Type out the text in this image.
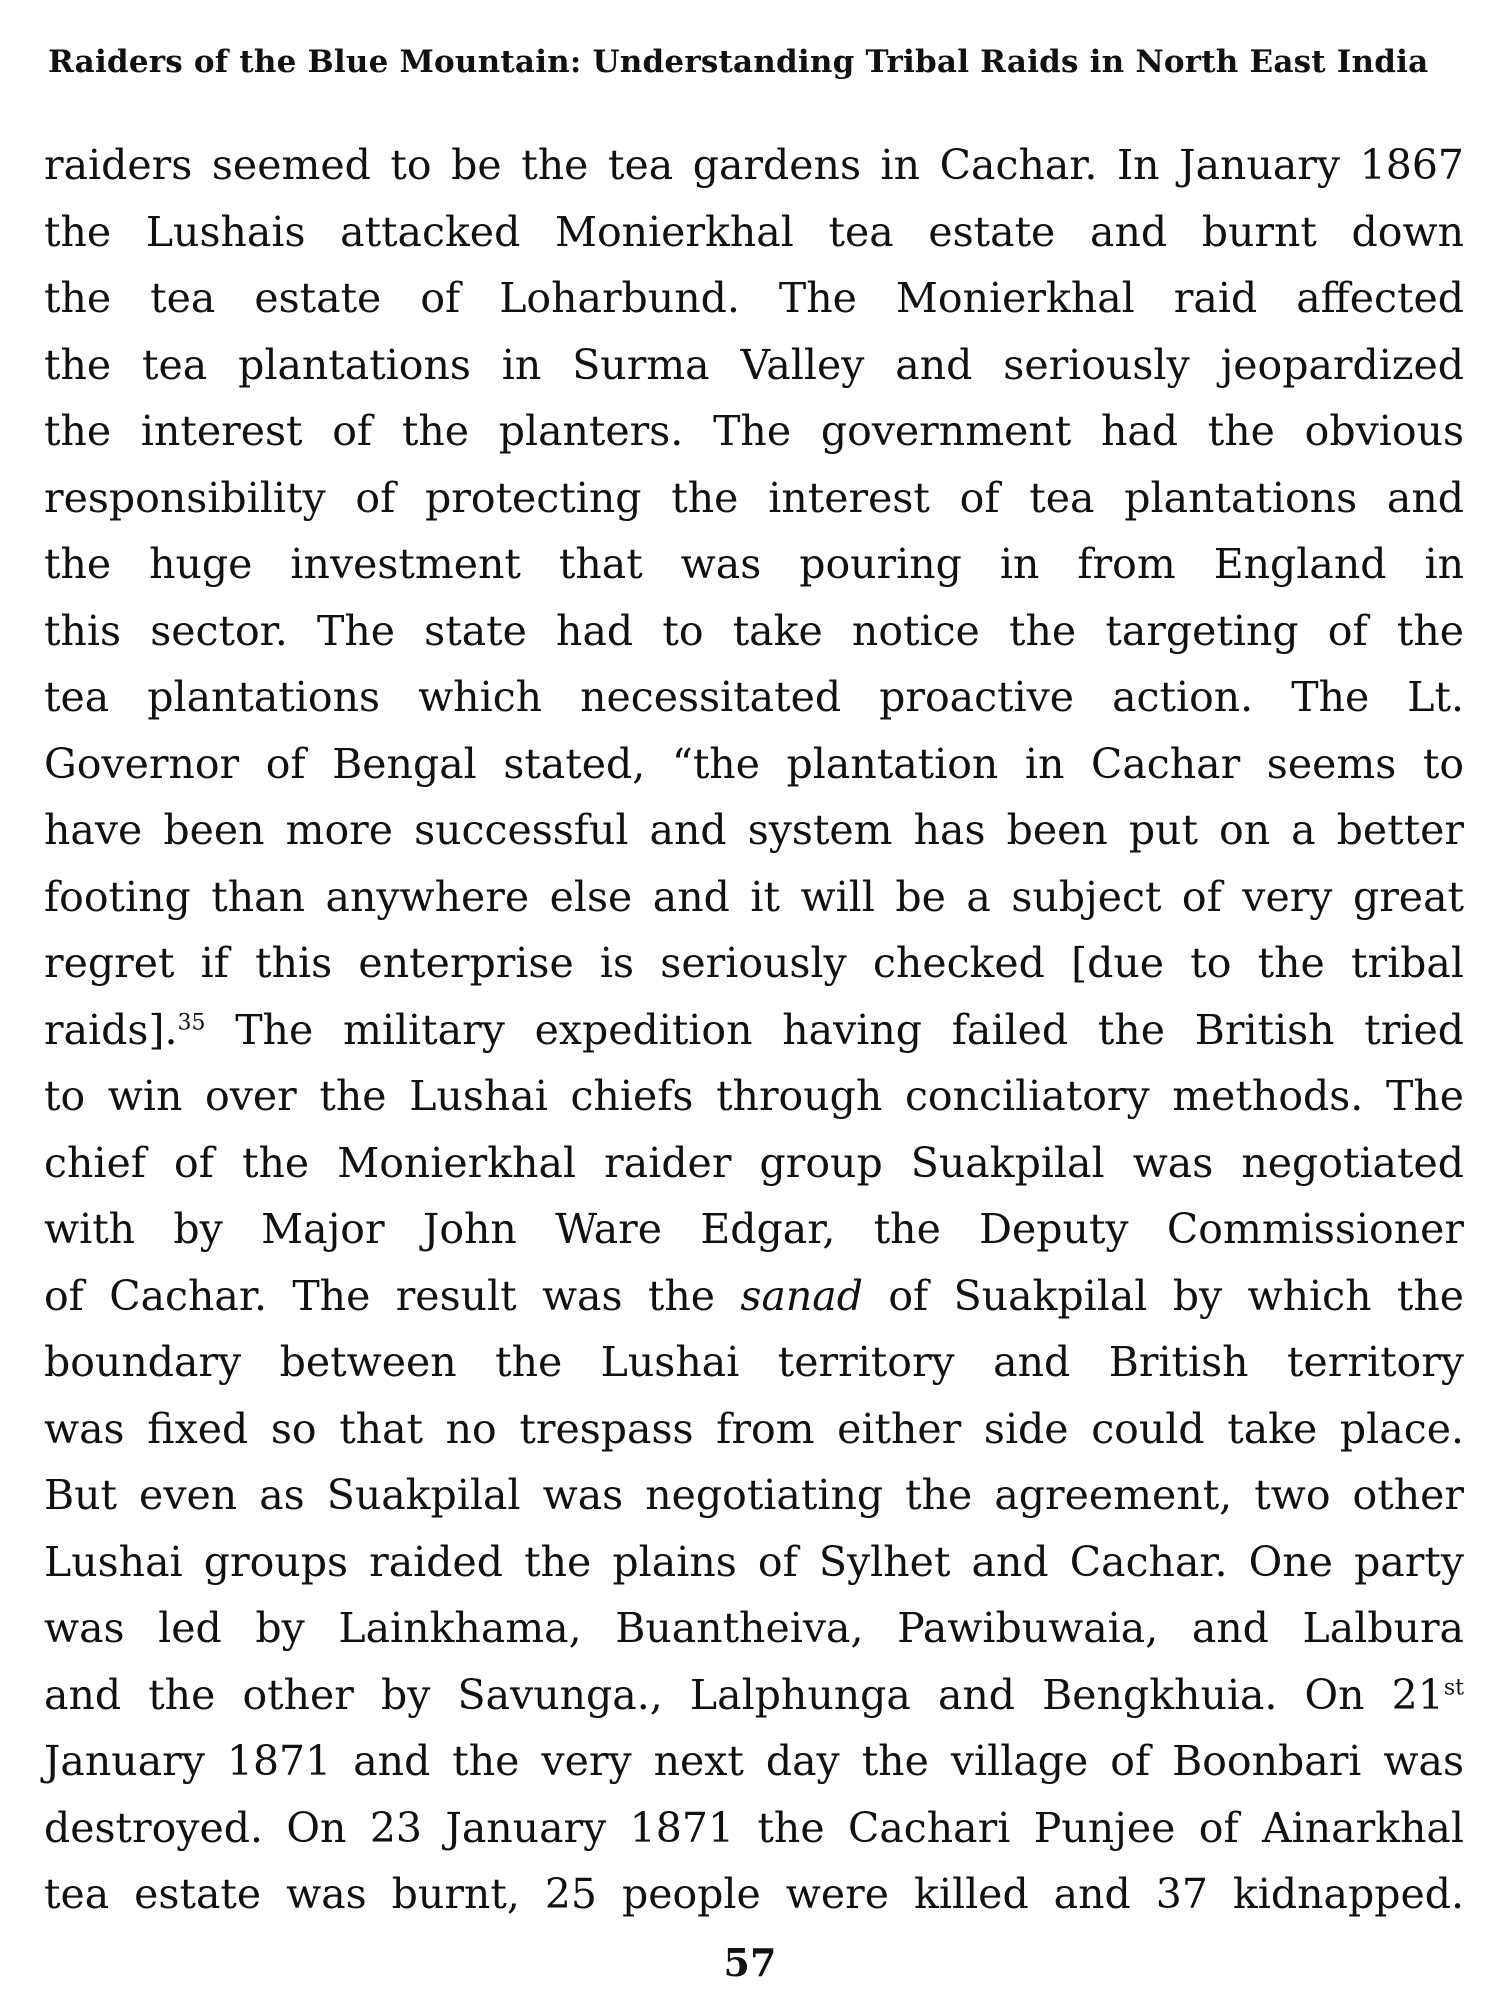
Raiders of the Blue Mountain: Understanding Tribal Raids in North East India
raiders seemed to be the tea gardens in Cachar. In January 1867
the Lushais attacked Monierkhal tea estate and burnt down
the tea estate of Loharbund. The Monierkhal raid affected
the tea plantations in Surma Valley and seriously jeopardized
the interest of the planters. The government had the obvious
responsibility of protecting the interest of tea plantations and
the huge investment that was pouring in from England in
this sector. The state had to take notice the targeting of the
tea plantations which necessitated proactive action. The Lt.
Governor of Bengal stated, “the plantation in Cachar seems to
have been more successful and system has been put on a better
footing than anywhere else and it will be a subject of very great
regret if this enterprise is seriously checked [due to the tribal
raids].$^{35}$ The military expedition having failed the British tried
to win over the Lushai chiefs through conciliatory methods. The
chief of the Monierkhal raider group Suakpilal was negotiated
with by Major John Ware Edgar, the Deputy Commissioner
of Cachar. The result was the sanad of Suakpilal by which the
boundary between the Lushai territory and British territory
was fixed so that no trespass from either side could take place.
But even as Suakpilal was negotiating the agreement, two other
Lushai groups raided the plains of Sylhet and Cachar. One party
was led by Lainkhama, Buantheiva, Pawibuwaia, and Lalbura
and the other by Savunga., Lalphunga and Bengkhuia. On 21st
January 1871 and the very next day the village of Boonbari was
destroyed. On 23 January 1871 the Cachari Punjee of Ainarkhal
tea estate was burnt, 25 people were killed and 37 kidnapped.
57
